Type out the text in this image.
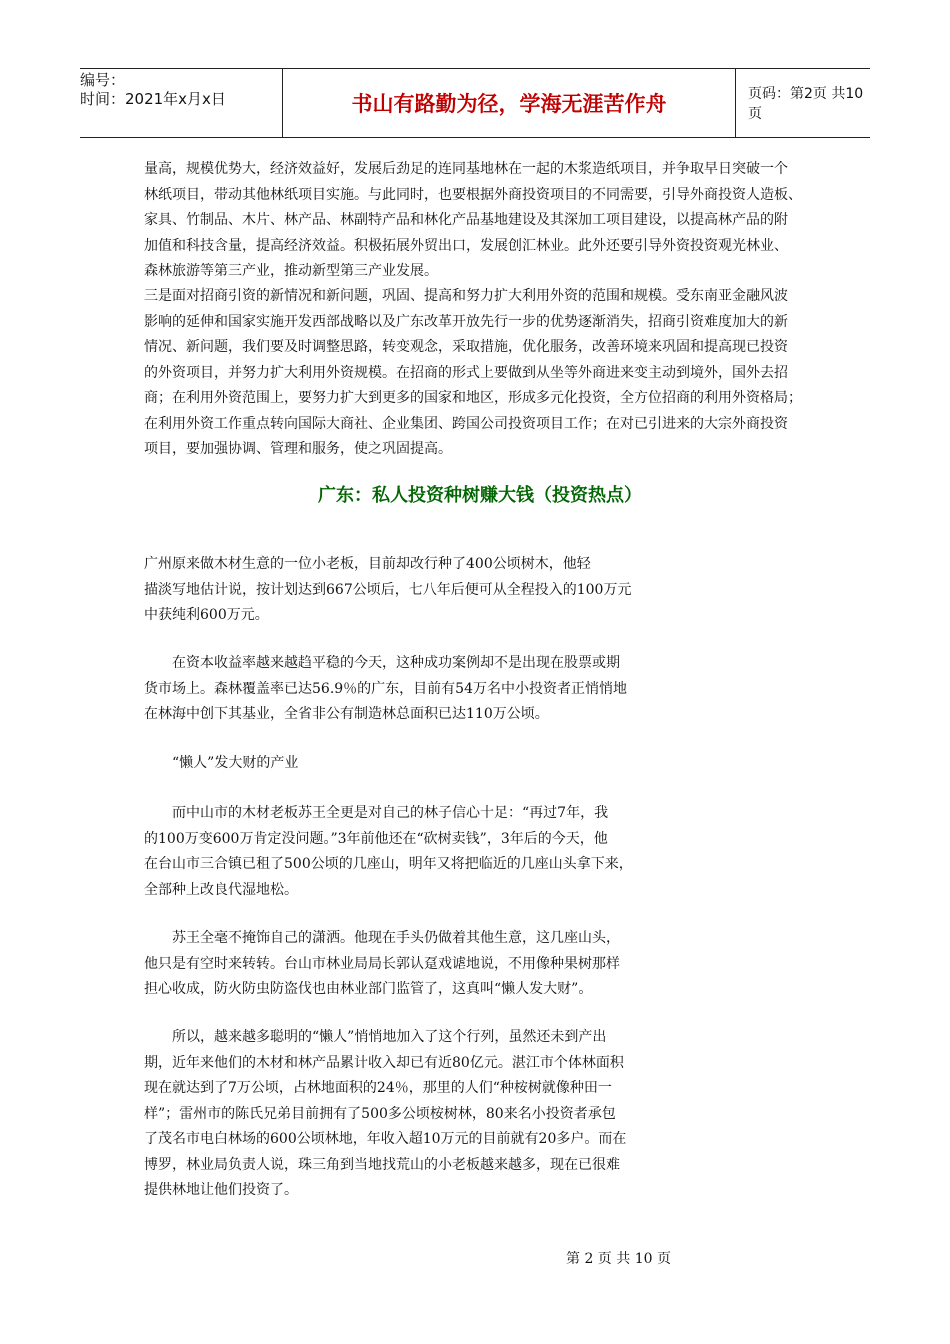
编号：
时间：2021年x月x日	书山有路勤为径，学海无涯苦作舟	页码：第2页 共10页
量高，规模优势大，经济效益好，发展后劲足的连同基地林在一起的木浆造纸项目，并争取早日突破一个
林纸项目，带动其他林纸项目实施。与此同时，也要根据外商投资项目的不同需要，引导外商投资人造板、
家具、竹制品、木片、林产品、林副特产品和林化产品基地建设及其深加工项目建设，以提高林产品的附
加值和科技含量，提高经济效益。积极拓展外贸出口，发展创汇林业。此外还要引导外资投资观光林业、
森林旅游等第三产业，推动新型第三产业发展。
三是面对招商引资的新情况和新问题，巩固、提高和努力扩大利用外资的范围和规模。受东南亚金融风波
影响的延伸和国家实施开发西部战略以及广东改革开放先行一步的优势逐渐消失，招商引资难度加大的新
情况、新问题，我们要及时调整思路，转变观念，采取措施，优化服务，改善环境来巩固和提高现已投资
的外资项目，并努力扩大利用外资规模。在招商的形式上要做到从坐等外商进来变主动到境外，国外去招
商；在利用外资范围上，要努力扩大到更多的国家和地区，形成多元化投资，全方位招商的利用外资格局；
在利用外资工作重点转向国际大商社、企业集团、跨国公司投资项目工作；在对已引进来的大宗外商投资
项目，要加强协调、管理和服务，使之巩固提高。
广东：私人投资种树赚大钱（投资热点）
广州原来做木材生意的一位小老板，目前却改行种了400公顷树木，他轻
描淡写地估计说，按计划达到667公顷后，七八年后便可从全程投入的100万元
中获纯利600万元。
　　在资本收益率越来越趋平稳的今天，这种成功案例却不是出现在股票或期
货市场上。森林覆盖率已达56.9％的广东，目前有54万名中小投资者正悄悄地
在林海中创下其基业，全省非公有制造林总面积已达110万公顷。
　　“懒人”发大财的产业
　　而中山市的木材老板苏王全更是对自己的林子信心十足：“再过7年，我
的100万变600万肯定没问题。”3年前他还在“砍树卖钱”，3年后的今天，他
在台山市三合镇已租了500公顷的几座山，明年又将把临近的几座山头拿下来，
全部种上改良代湿地松。
　　苏王全毫不掩饰自己的潇洒。他现在手头仍做着其他生意，这几座山头，
他只是有空时来转转。台山市林业局局长郭认趸戏谑地说，不用像种果树那样
担心收成，防火防虫防盗伐也由林业部门监管了，这真叫“懒人发大财”。
　　所以，越来越多聪明的“懒人”悄悄地加入了这个行列，虽然还未到产出
期，近年来他们的木材和林产品累计收入却已有近80亿元。湛江市个体林面积
现在就达到了7万公顷，占林地面积的24％，那里的人们“种桉树就像种田一
样”；雷州市的陈氏兄弟目前拥有了500多公顷桉树林，80来名小投资者承包
了茂名市电白林场的600公顷林地，年收入超10万元的目前就有20多户。而在
博罗，林业局负责人说，珠三角到当地找荒山的小老板越来越多，现在已很难
提供林地让他们投资了。
第 2 页 共 10 页
